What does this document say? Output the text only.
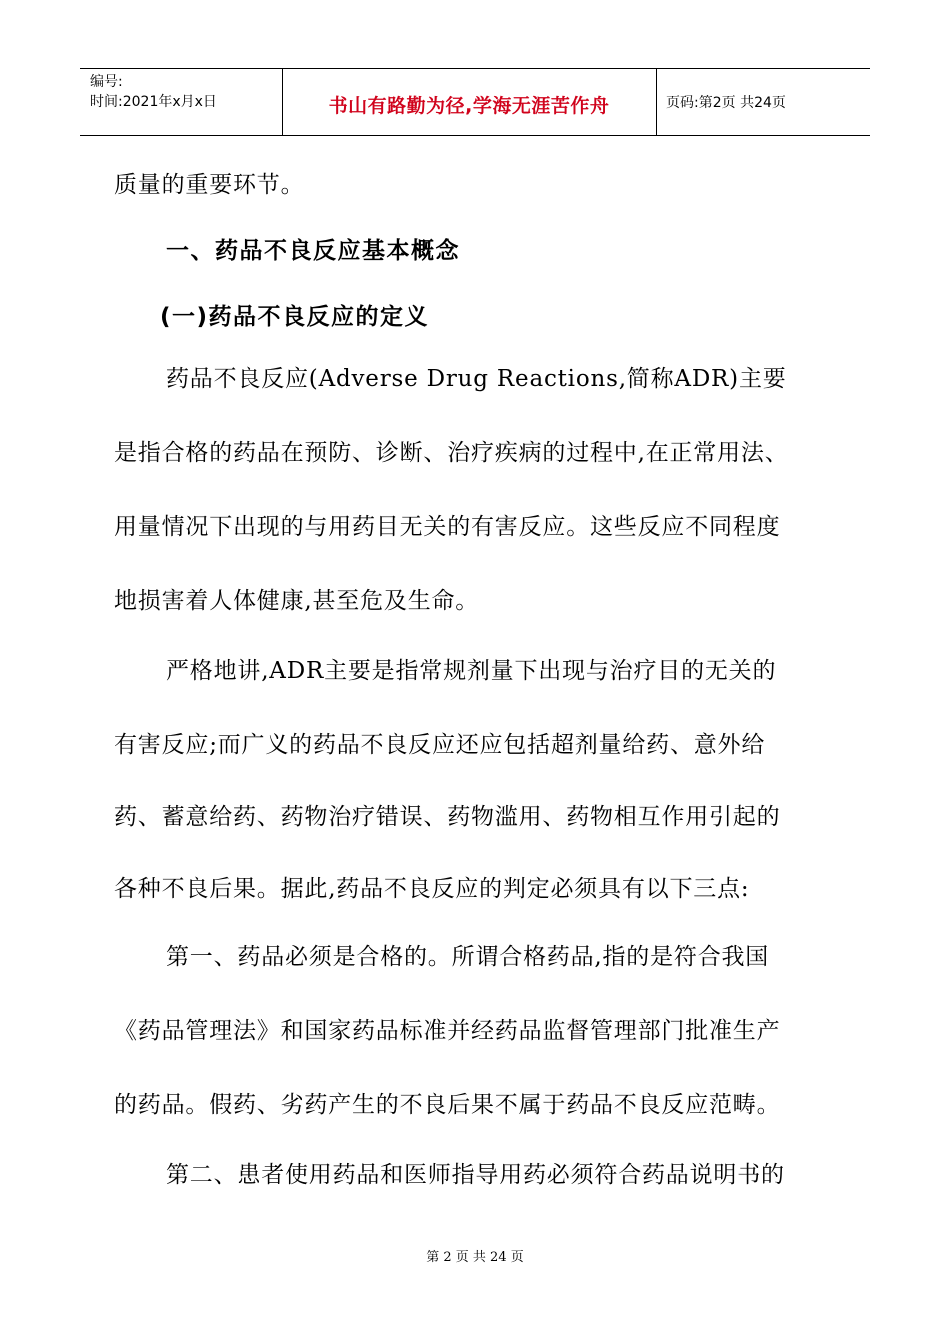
编号:
时间:2021年x月x日	书山有路勤为径,学海无涯苦作舟	页码:第2页 共24页
质量的重要环节。
一、药品不良反应基本概念
(一)药品不良反应的定义
药品不良反应(Adverse Drug Reactions,简称ADR)主要
是指合格的药品在预防、诊断、治疗疾病的过程中,在正常用法、
用量情况下出现的与用药目无关的有害反应。这些反应不同程度
地损害着人体健康,甚至危及生命。
严格地讲,ADR主要是指常规剂量下出现与治疗目的无关的
有害反应;而广义的药品不良反应还应包括超剂量给药、意外给
药、蓄意给药、药物治疗错误、药物滥用、药物相互作用引起的
各种不良后果。据此,药品不良反应的判定必须具有以下三点:
第一、药品必须是合格的。所谓合格药品,指的是符合我国
《药品管理法》和国家药品标准并经药品监督管理部门批准生产
的药品。假药、劣药产生的不良后果不属于药品不良反应范畴。
第二、患者使用药品和医师指导用药必须符合药品说明书的
第 2 页 共 24 页
